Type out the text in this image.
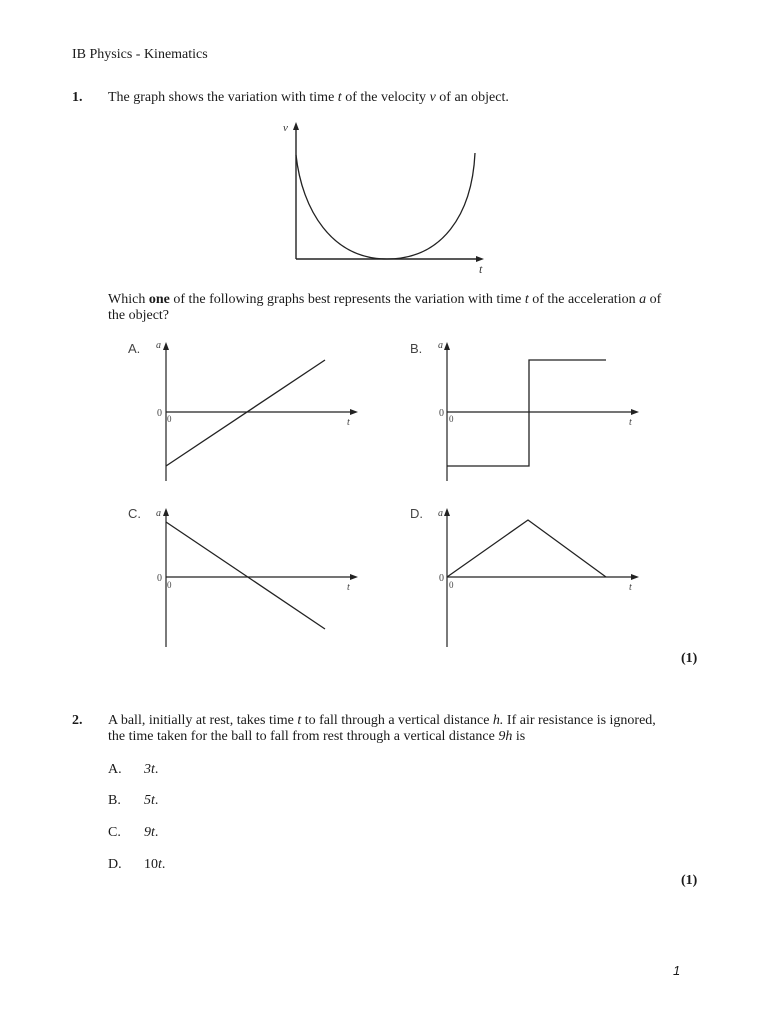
IB Physics - Kinematics
1. The graph shows the variation with time t of the velocity v of an object.
v
t
Which one of the following graphs best represents the variation with time t of the acceleration a of
the object?
A. a
0 0	t
B. a
0 0	t
C. a
0
0	t
D. a
0
0	t
(1)
2. A ball, initially at rest, takes time t to fall through a vertical distance h. If air resistance is ignored,
the time taken for the ball to fall from rest through a vertical distance 9h is
A. 3t.
B. 5t.
C. 9t.
D. 10t.
(1)
1
